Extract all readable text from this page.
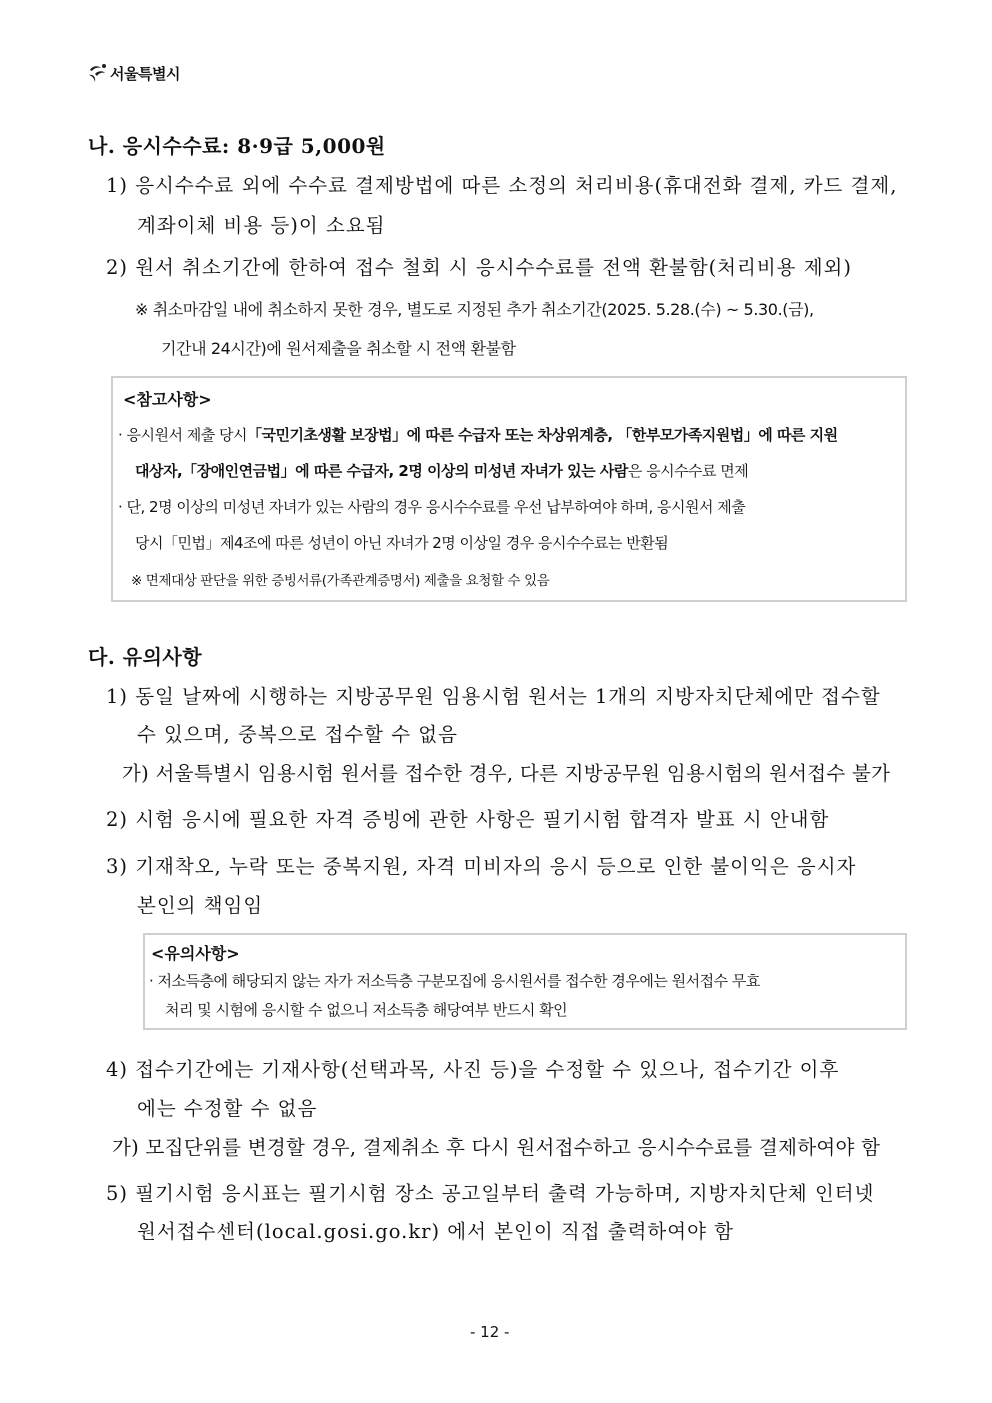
서울특별시
나. 응시수수료: 8·9급 5,000원
1) 응시수수료 외에 수수료 결제방법에 따른 소정의 처리비용(휴대전화 결제, 카드 결제,
계좌이체 비용 등)이 소요됨
2) 원서 취소기간에 한하여 접수 철회 시 응시수수료를 전액 환불함(처리비용 제외)
※ 취소마감일 내에 취소하지 못한 경우, 별도로 지정된 추가 취소기간(2025. 5.28.(수) ~ 5.30.(금),
기간내 24시간)에 원서제출을 취소할 시 전액 환불함
<참고사항>
· 응시원서 제출 당시「국민기초생활 보장법」에 따른 수급자 또는 차상위계층, 「한부모가족지원법」에 따른 지원
대상자,「장애인연금법」에 따른 수급자, 2명 이상의 미성년 자녀가 있는 사람은 응시수수료 면제
· 단, 2명 이상의 미성년 자녀가 있는 사람의 경우 응시수수료를 우선 납부하여야 하며, 응시원서 제출
당시「민법」제4조에 따른 성년이 아닌 자녀가 2명 이상일 경우 응시수수료는 반환됨
※ 면제대상 판단을 위한 증빙서류(가족관계증명서) 제출을 요청할 수 있음
다. 유의사항
1) 동일 날짜에 시행하는 지방공무원 임용시험 원서는 1개의 지방자치단체에만 접수할
수 있으며, 중복으로 접수할 수 없음
가) 서울특별시 임용시험 원서를 접수한 경우, 다른 지방공무원 임용시험의 원서접수 불가
2) 시험 응시에 필요한 자격 증빙에 관한 사항은 필기시험 합격자 발표 시 안내함
3) 기재착오, 누락 또는 중복지원, 자격 미비자의 응시 등으로 인한 불이익은 응시자
본인의 책임임
<유의사항>
· 저소득층에 해당되지 않는 자가 저소득층 구분모집에 응시원서를 접수한 경우에는 원서접수 무효
처리 및 시험에 응시할 수 없으니 저소득층 해당여부 반드시 확인
4) 접수기간에는 기재사항(선택과목, 사진 등)을 수정할 수 있으나, 접수기간 이후
에는 수정할 수 없음
가) 모집단위를 변경할 경우, 결제취소 후 다시 원서접수하고 응시수수료를 결제하여야 함
5) 필기시험 응시표는 필기시험 장소 공고일부터 출력 가능하며, 지방자치단체 인터넷
원서접수센터(local.gosi.go.kr) 에서 본인이 직접 출력하여야 함
- 12 -
